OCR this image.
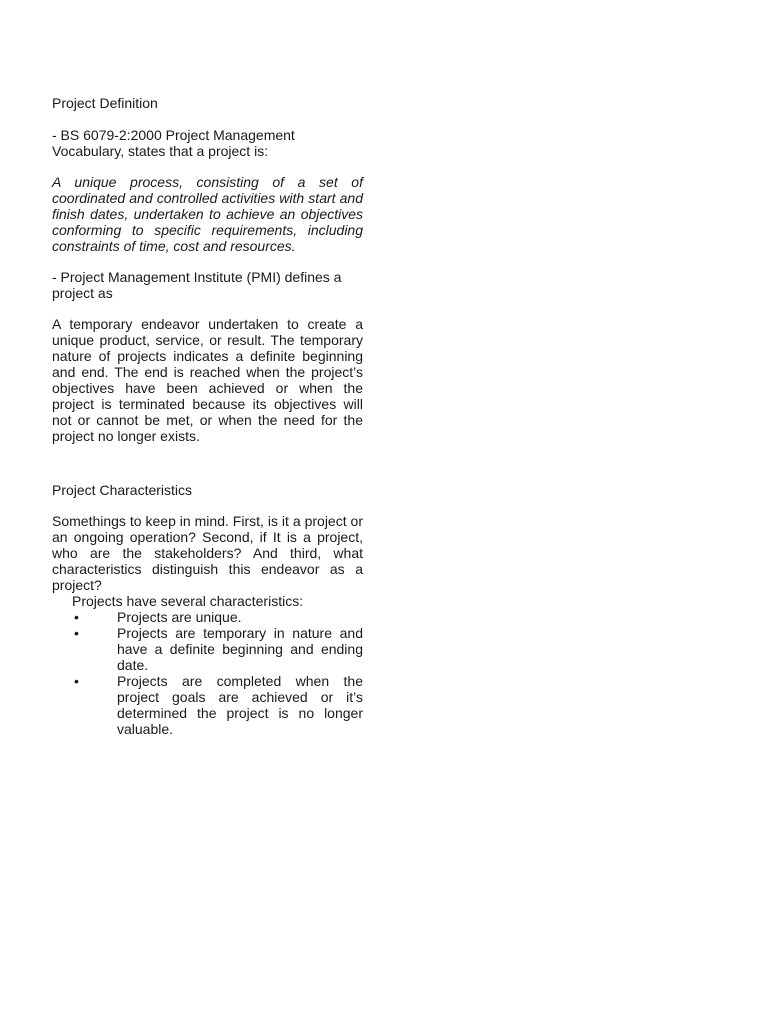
Project Definition

- BS 6079-2:2000 Project Management Vocabulary, states that a project is:

A unique process, consisting of a set of coordinated and controlled activities with start and finish dates, undertaken to achieve an objectives conforming to specific requirements, including constraints of time, cost and resources.

- Project Management Institute (PMI) defines a project as

A temporary endeavor undertaken to create a unique product, service, or result. The temporary nature of projects indicates a definite beginning and end. The end is reached when the project’s objectives have been achieved or when the project is terminated because its objectives will not or cannot be met, or when the need for the project no longer exists.

Project Characteristics

Somethings to keep in mind. First, is it a project or an ongoing operation? Second, if It is a project, who are the stakeholders? And third, what characteristics distinguish this endeavor as a project?

Projects have several characteristics:

•	Projects are unique.
•	Projects are temporary in nature and have a definite beginning and ending date.
•	Projects are completed when the project goals are achieved or it’s determined the project is no longer valuable.
